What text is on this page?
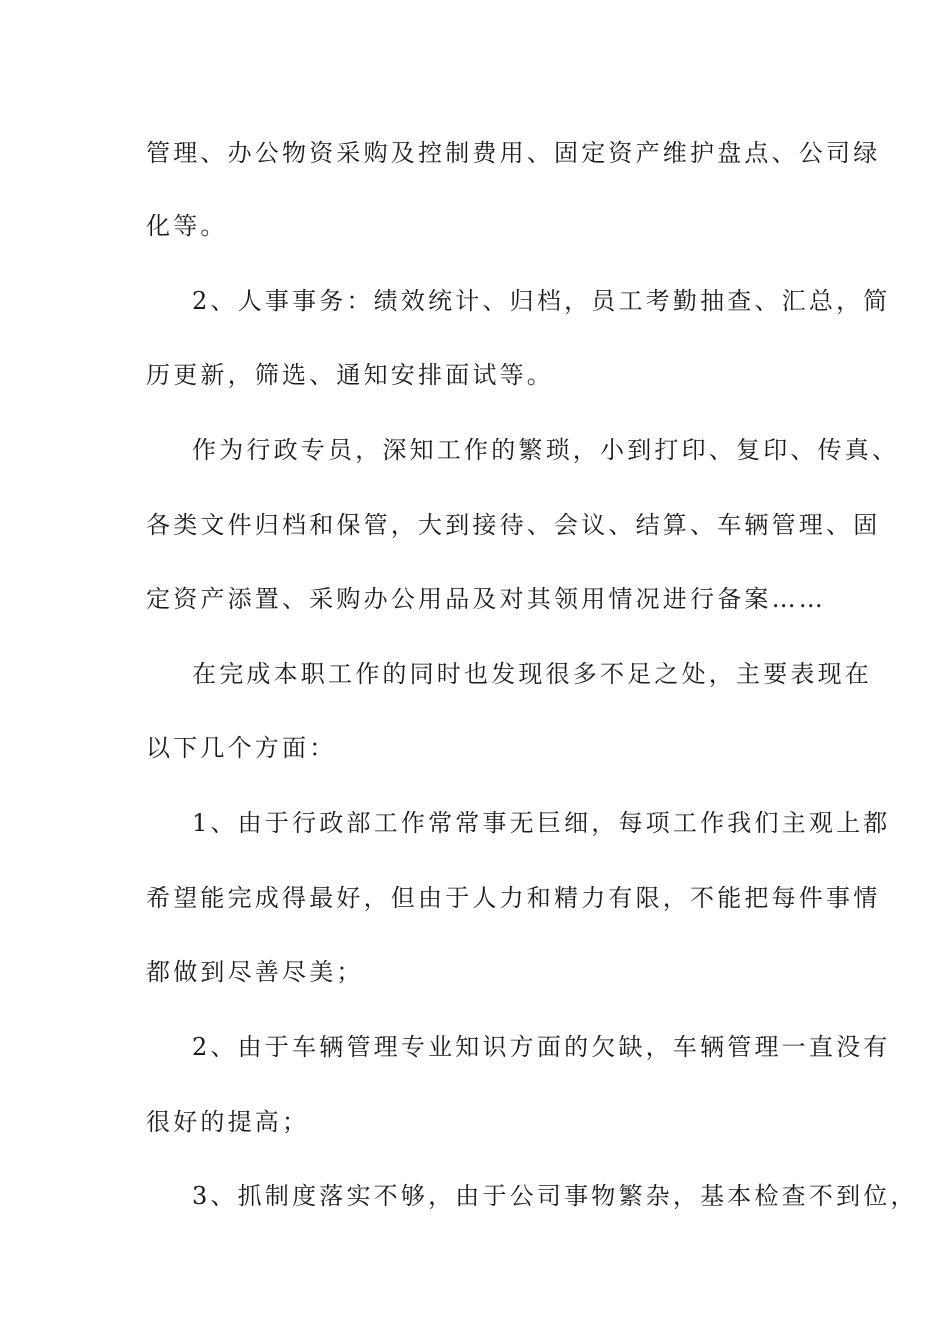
管理、办公物资采购及控制费用、固定资产维护盘点、公司绿
化等。
2、人事事务：绩效统计、归档，员工考勤抽查、汇总，简
历更新，筛选、通知安排面试等。
作为行政专员，深知工作的繁琐，小到打印、复印、传真、
各类文件归档和保管，大到接待、会议、结算、车辆管理、固
定资产添置、采购办公用品及对其领用情况进行备案……
在完成本职工作的同时也发现很多不足之处，主要表现在
以下几个方面：
1、由于行政部工作常常事无巨细，每项工作我们主观上都
希望能完成得最好，但由于人力和精力有限，不能把每件事情
都做到尽善尽美；
2、由于车辆管理专业知识方面的欠缺，车辆管理一直没有
很好的提高；
3、抓制度落实不够，由于公司事物繁杂，基本检查不到位，
